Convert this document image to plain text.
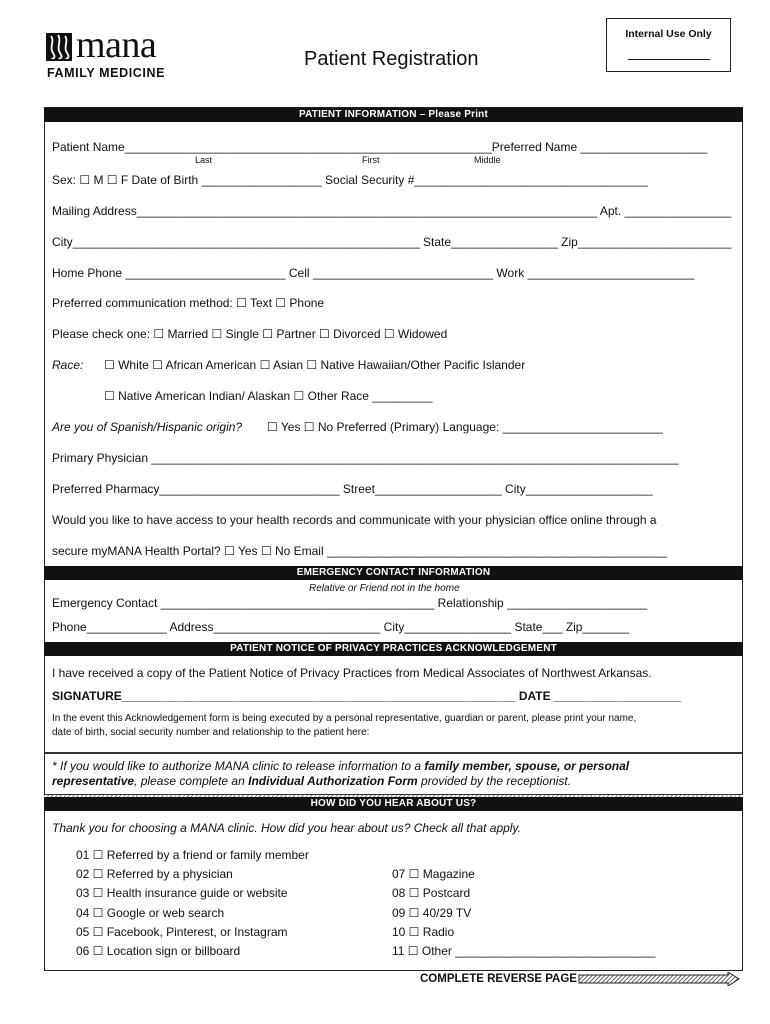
mana
FAMILY MEDICINE
Patient Registration
Internal Use Only
PATIENT INFORMATION – Please Print
Patient Name_______________________________________________________Preferred Name ___________________
Last	First	Middle
Sex: ☐ M ☐ F Date of Birth __________________ Social Security #___________________________________
Mailing Address_____________________________________________________________________ Apt. ________________
City____________________________________________________ State________________ Zip_______________________
Home Phone ________________________ Cell ___________________________ Work _________________________
Preferred communication method: ☐ Text ☐ Phone
Please check one: ☐ Married ☐ Single ☐ Partner ☐ Divorced ☐ Widowed
Race: ☐ White ☐ African American ☐ Asian ☐ Native Hawaiian/Other Pacific Islander
☐ Native American Indian/ Alaskan ☐ Other Race _________
Are you of Spanish/Hispanic origin? ☐ Yes ☐ No Preferred (Primary) Language: ________________________
Primary Physician _______________________________________________________________________________
Preferred Pharmacy___________________________ Street___________________ City___________________
Would you like to have access to your health records and communicate with your physician office online through a
secure myMANA Health Portal? ☐ Yes ☐ No Email ___________________________________________________
EMERGENCY CONTACT INFORMATION
Relative or Friend not in the home
Emergency Contact _________________________________________ Relationship _____________________
Phone____________ Address_________________________ City________________ State___ Zip_______
PATIENT NOTICE OF PRIVACY PRACTICES ACKNOWLEDGEMENT
I have received a copy of the Patient Notice of Privacy Practices from Medical Associates of Northwest Arkansas.
SIGNATURE___________________________________________________________ DATE ___________________
In the event this Acknowledgement form is being executed by a personal representative, guardian or parent, please print your name,
date of birth, social security number and relationship to the patient here:
* If you would like to authorize MANA clinic to release information to a family member, spouse, or personal
representative, please complete an Individual Authorization Form provided by the receptionist.
HOW DID YOU HEAR ABOUT US?
Thank you for choosing a MANA clinic. How did you hear about us? Check all that apply.
01 ☐ Referred by a friend or family member
02 ☐ Referred by a physician
03 ☐ Health insurance guide or website
04 ☐ Google or web search
05 ☐ Facebook, Pinterest, or Instagram
06 ☐ Location sign or billboard
07 ☐ Magazine
08 ☐ Postcard
09 ☐ 40/29 TV
10 ☐ Radio
11 ☐ Other ______________________________
COMPLETE REVERSE PAGE
